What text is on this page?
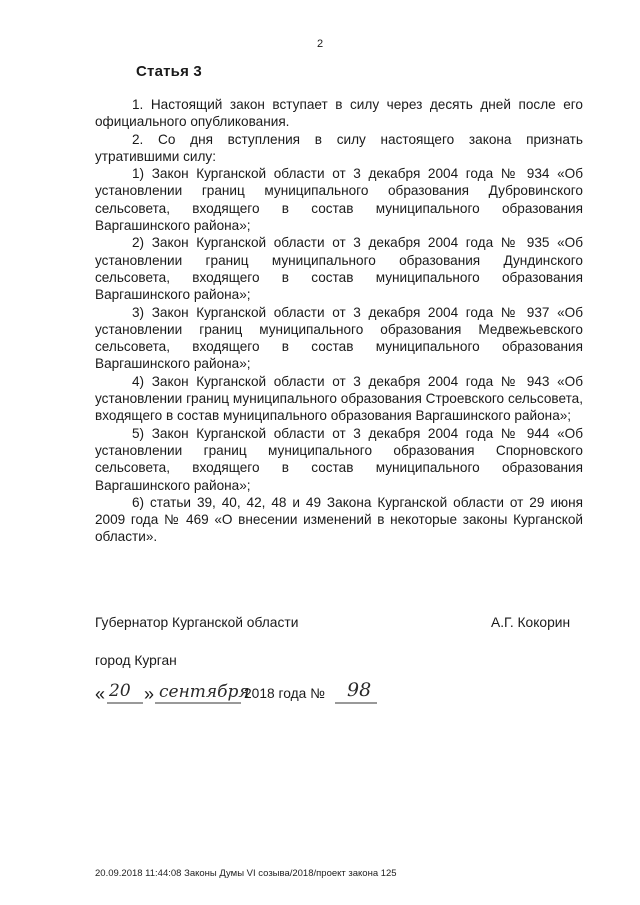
2
Статья 3

1. Настоящий закон вступает в силу через десять дней после его официального опубликования.

2. Со дня вступления в силу настоящего закона признать утратившими силу:

1) Закон Курганской области от 3 декабря 2004 года № 934 «Об установлении границ муниципального образования Дубровинского сельсовета, входящего в состав муниципального образования Варгашинского района»;

2) Закон Курганской области от 3 декабря 2004 года № 935 «Об установлении границ муниципального образования Дундинского сельсовета, входящего в состав муниципального образования Варгашинского района»;

3) Закон Курганской области от 3 декабря 2004 года № 937 «Об установлении границ муниципального образования Медвежьевского сельсовета, входящего в состав муниципального образования Варгашинского района»;

4) Закон Курганской области от 3 декабря 2004 года № 943 «Об установлении границ муниципального образования Строевского сельсовета, входящего в состав муниципального образования Варгашинского района»;

5) Закон Курганской области от 3 декабря 2004 года № 944 «Об установлении границ муниципального образования Спорновского сельсовета, входящего в состав муниципального образования Варгашинского района»;

6) статьи 39, 40, 42, 48 и 49 Закона Курганской области от 29 июня 2009 года № 469 «О внесении изменений в некоторые законы Курганской области».

Губернатор Курганской области	А.Г. Кокорин
город Курган
« 20 » сентября
2018 года № 98
20.09.2018 11:44:08 Законы Думы VI созыва/2018/проект закона 125
